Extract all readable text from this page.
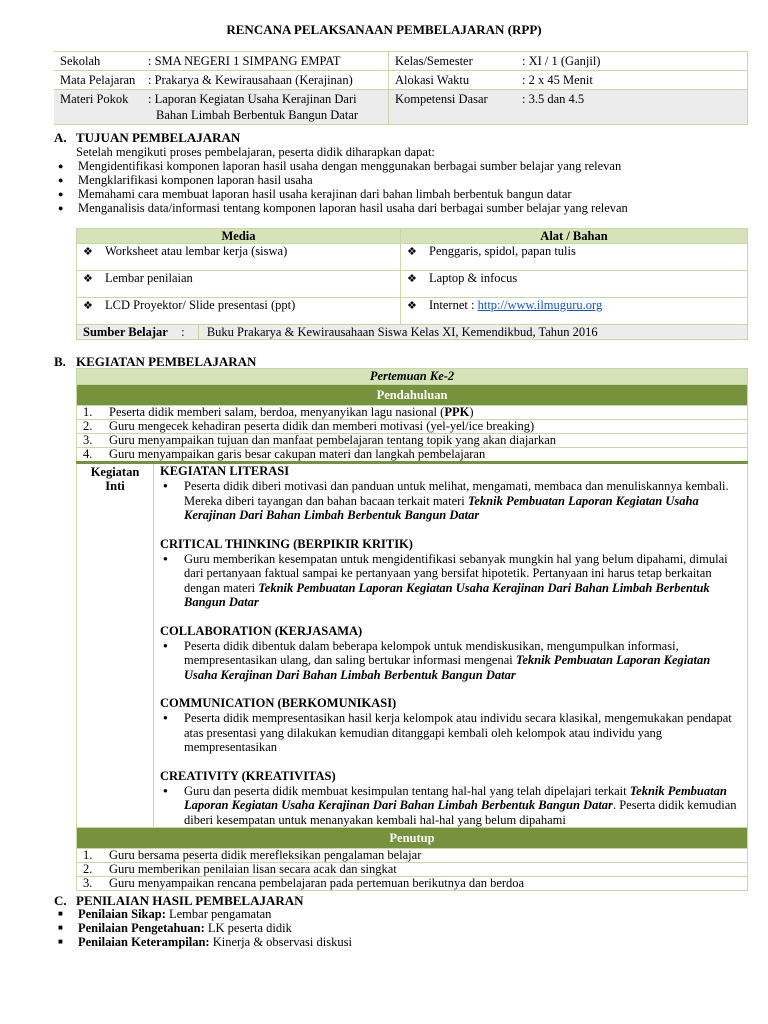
RENCANA PELAKSANAAN PEMBELAJARAN (RPP)
Sekolah	: SMA NEGERI 1 SIMPANG EMPAT	Kelas/Semester	: XI / 1 (Ganjil)
Mata Pelajaran	: Prakarya & Kewirausahaan (Kerajinan)	Alokasi Waktu	: 2 x 45 Menit
Materi Pokok	: Laporan Kegiatan Usaha Kerajinan Dari
Bahan Limbah Berbentuk Bangun Datar	Kompetensi Dasar	: 3.5 dan 4.5
A. TUJUAN PEMBELAJARAN
Setelah mengikuti proses pembelajaran, peserta didik diharapkan dapat:
● Mengidentifikasi komponen laporan hasil usaha dengan menggunakan berbagai sumber belajar yang relevan
● Mengklarifikasi komponen laporan hasil usaha
● Memahami cara membuat laporan hasil usaha kerajinan dari bahan limbah berbentuk bangun datar
● Menganalisis data/informasi tentang komponen laporan hasil usaha dari berbagai sumber belajar yang relevan
Media	Alat / Bahan
❖ Worksheet atau lembar kerja (siswa)	❖ Penggaris, spidol, papan tulis
❖ Lembar penilaian	❖ Laptop & infocus
❖ LCD Proyektor/ Slide presentasi (ppt)	❖ Internet : http://www.ilmuguru.org
Sumber Belajar : Buku Prakarya & Kewirausahaan Siswa Kelas XI, Kemendikbud, Tahun 2016	
B. KEGIATAN PEMBELAJARAN
Pertemuan Ke-2
Pendahuluan
1. Peserta didik memberi salam, berdoa, menyanyikan lagu nasional (PPK)
2. Guru mengecek kehadiran peserta didik dan memberi motivasi (yel-yel/ice breaking)
3. Guru menyampaikan tujuan dan manfaat pembelajaran tentang topik yang akan diajarkan
4. Guru menyampaikan garis besar cakupan materi dan langkah pembelajaran

Kegiatan
Inti

KEGIATAN LITERASI
● Peserta didik diberi motivasi dan panduan untuk melihat, mengamati, membaca dan menuliskannya kembali. Mereka diberi tayangan dan bahan bacaan terkait materi Teknik Pembuatan Laporan Kegiatan Usaha Kerajinan Dari Bahan Limbah Berbentuk Bangun Datar
CRITICAL THINKING (BERPIKIR KRITIK)
● Guru memberikan kesempatan untuk mengidentifikasi sebanyak mungkin hal yang belum dipahami, dimulai dari pertanyaan faktual sampai ke pertanyaan yang bersifat hipotetik. Pertanyaan ini harus tetap berkaitan dengan materi Teknik Pembuatan Laporan Kegiatan Usaha Kerajinan Dari Bahan Limbah Berbentuk Bangun Datar
COLLABORATION (KERJASAMA)
● Peserta didik dibentuk dalam beberapa kelompok untuk mendiskusikan, mengumpulkan informasi, mempresentasikan ulang, dan saling bertukar informasi mengenai Teknik Pembuatan Laporan Kegiatan Usaha Kerajinan Dari Bahan Limbah Berbentuk Bangun Datar
COMMUNICATION (BERKOMUNIKASI)
● Peserta didik mempresentasikan hasil kerja kelompok atau individu secara klasikal, mengemukakan pendapat atas presentasi yang dilakukan kemudian ditanggapi kembali oleh kelompok atau individu yang mempresentasikan
CREATIVITY (KREATIVITAS)
● Guru dan peserta didik membuat kesimpulan tentang hal-hal yang telah dipelajari terkait Teknik Pembuatan Laporan Kegiatan Usaha Kerajinan Dari Bahan Limbah Berbentuk Bangun Datar. Peserta didik kemudian diberi kesempatan untuk menanyakan kembali hal-hal yang belum dipahami

Penutup
1. Guru bersama peserta didik merefleksikan pengalaman belajar
2. Guru memberikan penilaian lisan secara acak dan singkat
3. Guru menyampaikan rencana pembelajaran pada pertemuan berikutnya dan berdoa
C. PENILAIAN HASIL PEMBELAJARAN
■ Penilaian Sikap: Lembar pengamatan
■ Penilaian Pengetahuan: LK peserta didik
■ Penilaian Keterampilan: Kinerja & observasi diskusi
